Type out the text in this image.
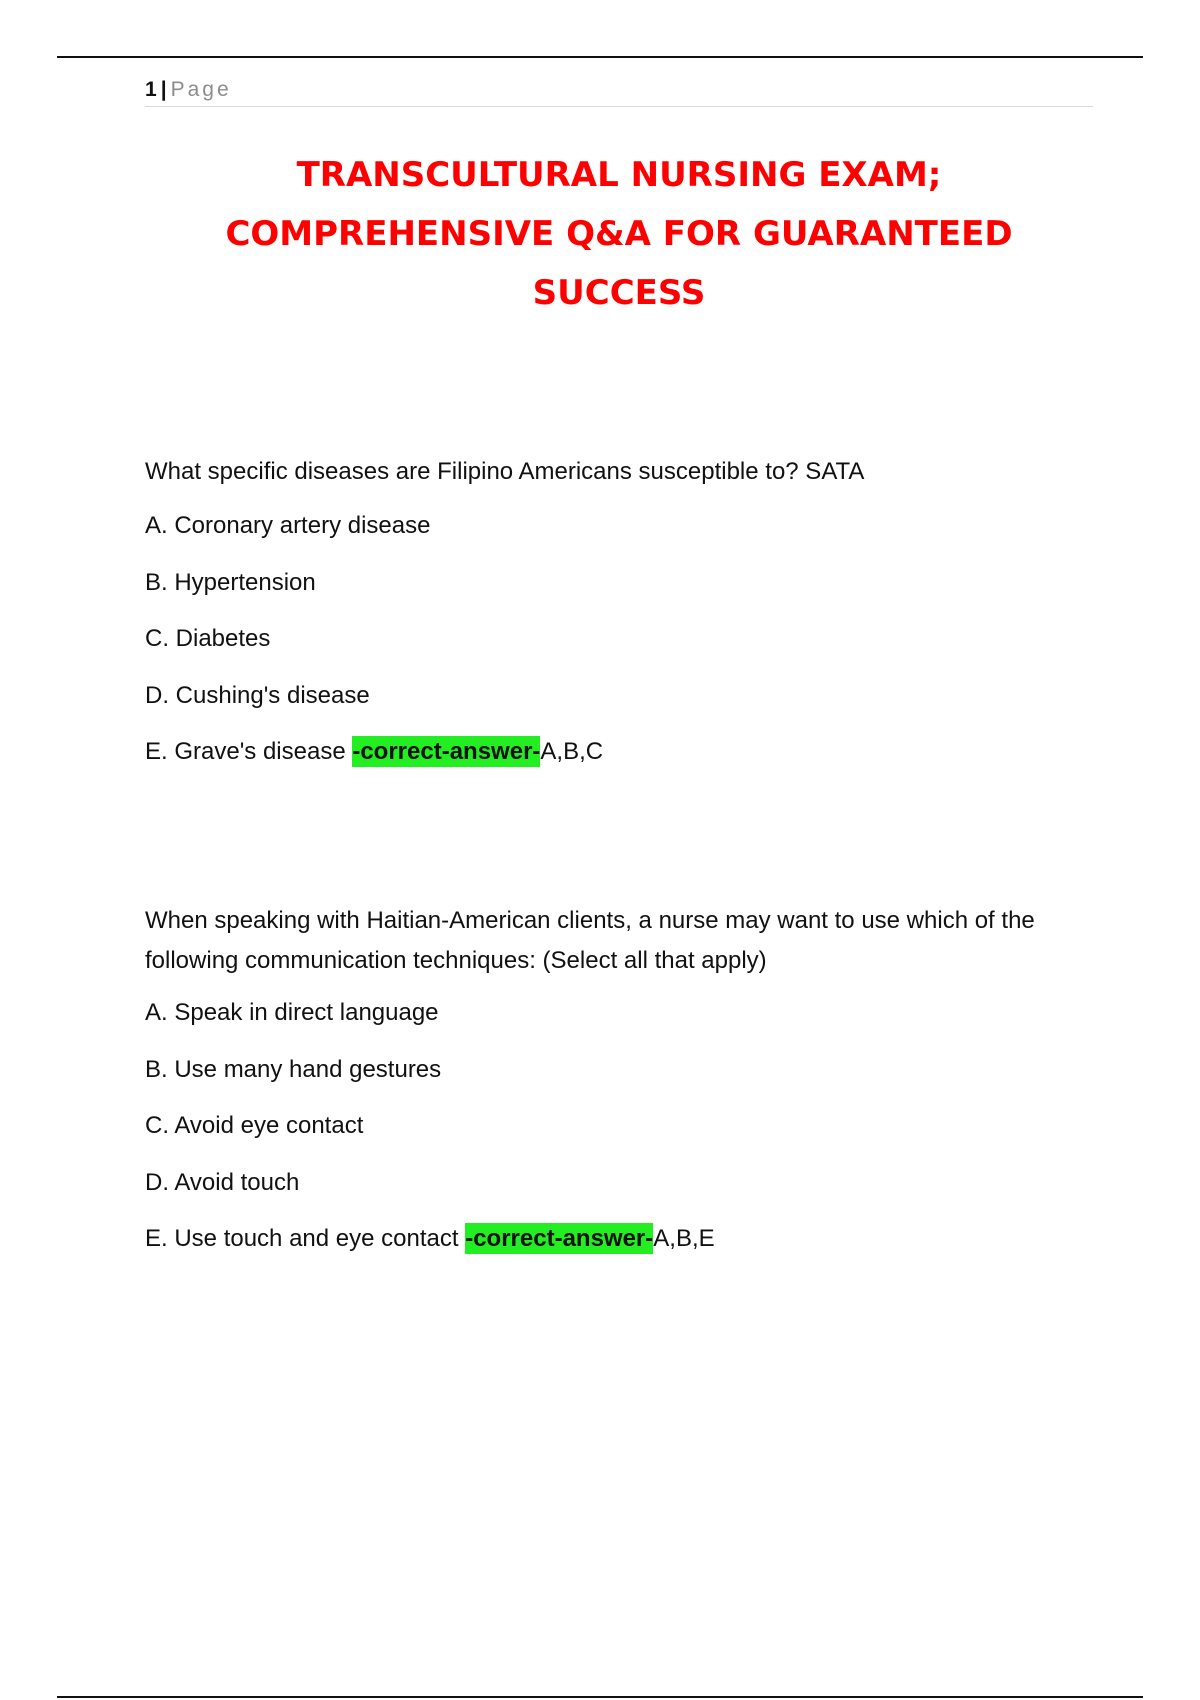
1 | Page
TRANSCULTURAL NURSING EXAM;
COMPREHENSIVE Q&A FOR GUARANTEED
SUCCESS

What specific diseases are Filipino Americans susceptible to? SATA

A. Coronary artery disease

B. Hypertension

C. Diabetes

D. Cushing's disease

E. Grave's disease -correct-answer-A,B,C

When speaking with Haitian-American clients, a nurse may want to use which of the following communication techniques: (Select all that apply)

A. Speak in direct language

B. Use many hand gestures

C. Avoid eye contact

D. Avoid touch

E. Use touch and eye contact -correct-answer-A,B,E
